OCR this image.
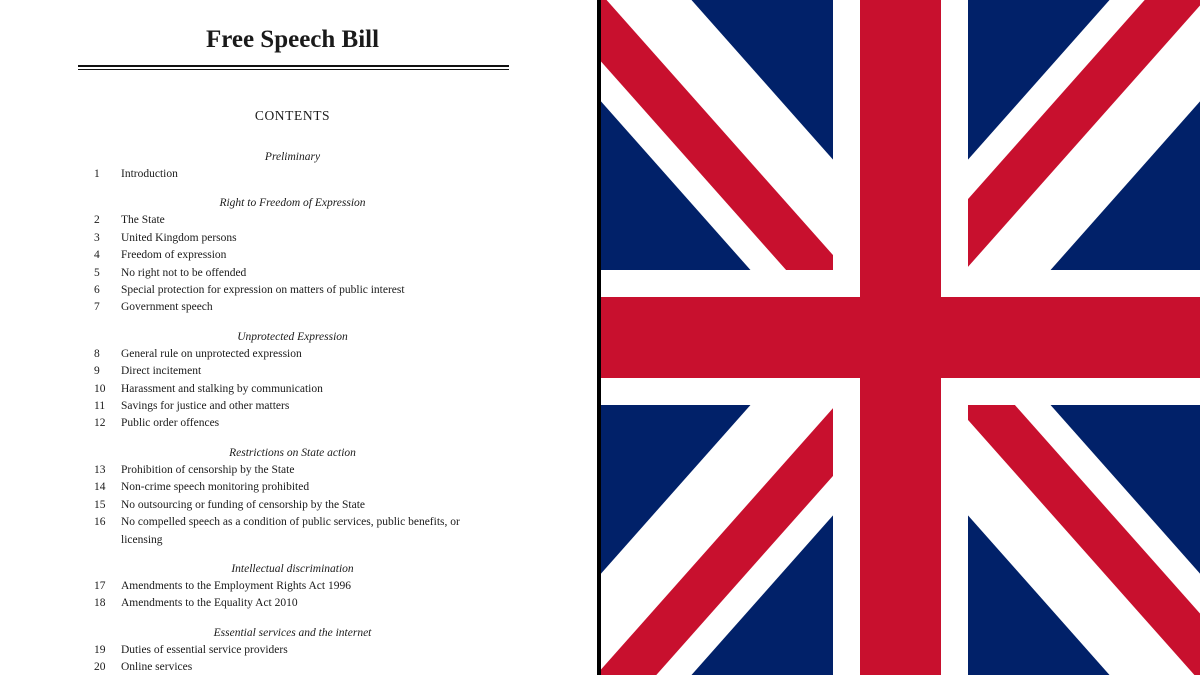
Free Speech Bill
CONTENTS
Preliminary
1 Introduction
Right to Freedom of Expression
2 The State
3 United Kingdom persons
4 Freedom of expression
5 No right not to be offended
6 Special protection for expression on matters of public interest
7 Government speech
Unprotected Expression
8 General rule on unprotected expression
9 Direct incitement
10 Harassment and stalking by communication
11 Savings for justice and other matters
12 Public order offences
Restrictions on State action
13 Prohibition of censorship by the State
14 Non-crime speech monitoring prohibited
15 No outsourcing or funding of censorship by the State
16 No compelled speech as a condition of public services, public benefits, or licensing
Intellectual discrimination
17 Amendments to the Employment Rights Act 1996
18 Amendments to the Equality Act 2010
Essential services and the internet
19 Duties of essential service providers
20 Online services
